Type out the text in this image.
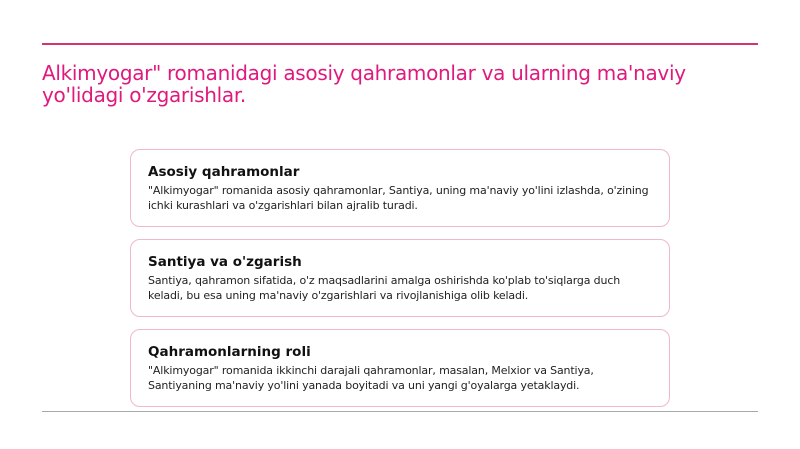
Alkimyogar" romanidagi asosiy qahramonlar va ularning ma'naviy yo'lidagi o'zgarishlar.

Asosiy qahramonlar

"Alkimyogar" romanida asosiy qahramonlar, Santiya, uning ma'naviy yo'lini izlashda, o'zining ichki kurashlari va o'zgarishlari bilan ajralib turadi.

Santiya va o'zgarish

Santiya, qahramon sifatida, o'z maqsadlarini amalga oshirishda ko'plab to'siqlarga duch keladi, bu esa uning ma'naviy o'zgarishlari va rivojlanishiga olib keladi.

Qahramonlarning roli

"Alkimyogar" romanida ikkinchi darajali qahramonlar, masalan, Melxior va Santiya, Santiyaning ma'naviy yo'lini yanada boyitadi va uni yangi g'oyalarga yetaklaydi.
